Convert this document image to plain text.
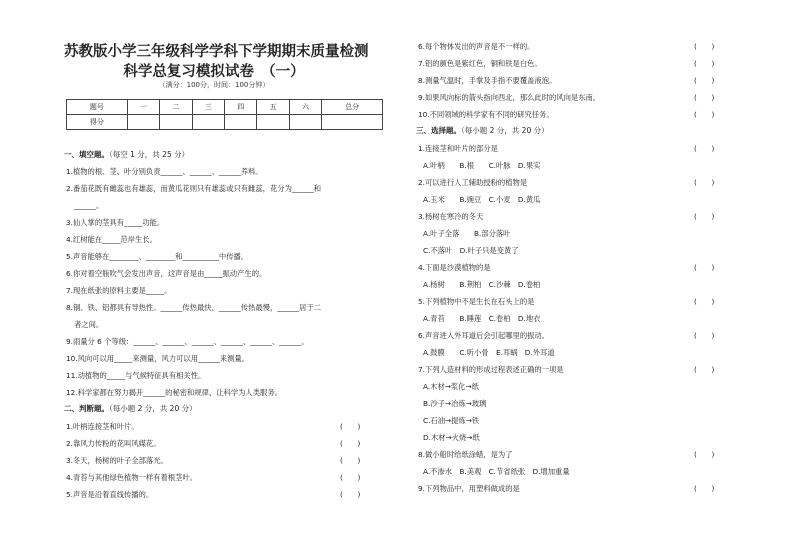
苏教版小学三年级科学学科下学期期末质量检测
科学总复习模拟试卷　（一）
（满分：100分，时间：100分钟）
题号	一	二	三	四	五	六	总分
得分							
一、填空题。（每空 1 分，共 25 分）
1.植物的根、茎、叶分别负责______、______、______养料。
2.番茄花既有雌蕊也有雄蕊，而黄瓜花则只有雄蕊或只有雌蕊，花分为______和
______。
3.仙人掌的茎具有_____功能。
4.红树能在_____范岸生长。
5.声音能够在________、________和__________中传播。
6.你对着空瓶吹气会发出声音，这声音是由_____振动产生的。
7.现在纸张的原料主要是_____。
8.铜、铁、铝都具有导热性。______传热最快，______传热最慢，______居于二
者之间。
9.雨量分 6 个等级：______、______、______、______、______、______。
10.风向可以用_____来测量，风力可以用______来测量。
11.动植物的_____与气候特征具有相关性。
12.科学家都在努力揭开______的秘密和规律，让科学为人类服务。
二、判断题。（每小题 2 分，共 20 分）
1.叶柄连接茎和叶片。	(　　)
2.靠风力传粉的花叫风媒花。	(　　)
3.冬天，杨树的叶子全部落光。	(　　)
4.青苔与其他绿色植物一样有着根茎叶。	(　　)
5.声音是沿着直线传播的。	(　　)
6.每个物体发出的声音是不一样的。	(　　)
7.铝的颜色是紫红色，铜和铁是白色。	(　　)
8.测量气温时，手掌及手指不要覆盖液泡。	(　　)
9.如果风向标的箭头指向西北，那么此时的风向是东南。	(　　)
10.不同领域的科学家有不同的研究任务。	(　　)
三、选择题。（每小题 2 分，共 20 分）
1.连接茎和叶片的部分是	(　　)
A.叶柄　　B.根　　C.叶脉　D.果实
2.可以进行人工辅助授粉的植物是	(　　)
A.玉米　　B.豌豆　C.小麦　D.黄瓜
3.杨树在寒冷的冬天	(　　)
A.叶子全落　　B.部分落叶
C.不落叶　D.叶子只是变黄了
4.下面是沙漠植物的是	(　　)
A.杨树　　B.荆柏　C.沙棘　D.卷柏
5.下列植物中不是生长在石头上的是	(　　)
A.青苔　　B.睡莲　C.卷柏　D.地衣
6.声音进入外耳道后会引起哪里的振动。	(　　)
A.鼓膜　　C.听小骨　E.耳蜗　D.外耳道
7.下列人造材料的形成过程表述正确的一项是	(　　)
A.木材→浆化→纸
B.沙子→冶炼→玻璃
C.石油→提炼→铁
D.木材→火烧→纸
8.做小船时给纸涂蜡，是为了	(　　)
A.不渗水　B.美观　C.节省纸张　D.增加重量
9.下列物品中，用塑料做成的是	(　　)
